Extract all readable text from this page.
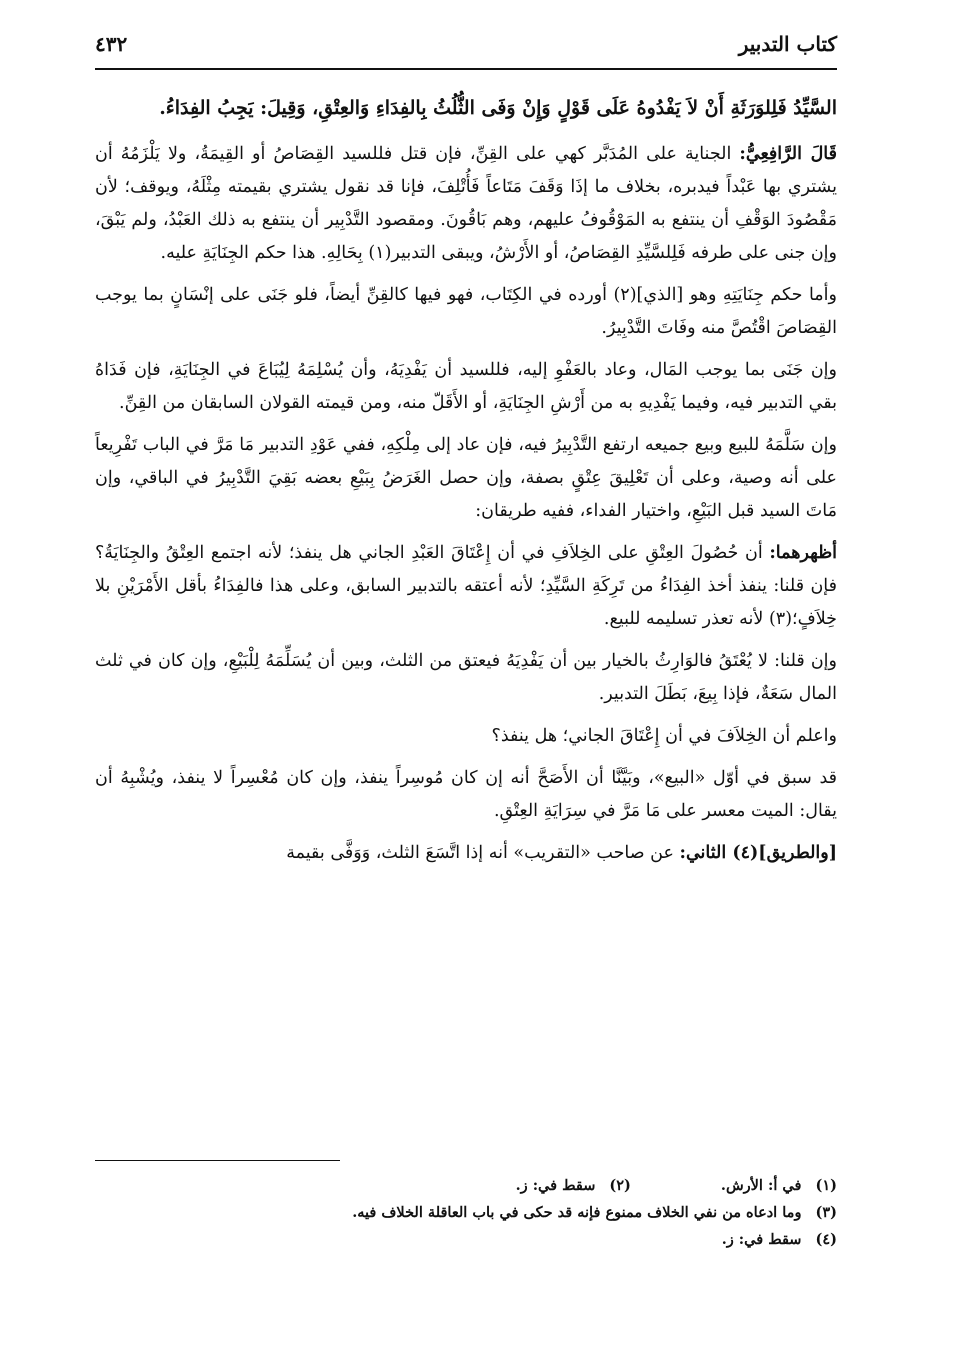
كتاب التدبير
٤٣٢

السَّيِّدُ فَلِلوَرَثَةِ أَنْ لاَ يَفْدُوهُ عَلَى قَوْلٍ وَإِنْ وَفَى الثُّلُثُ بِالفِدَاءِ وَالعِتْقِ، وَقِيلَ: يَجِبُ الفِدَاءُ.

قَالَ الرَّافِعِيُّ: الجناية على المُدَبَّر كهي على القِنِّ، فإن قتل فللسيد القِصَاصُ أو القِيمَةُ، ولا يَلْزَمُهُ أن يشتري بها عَبْداً فيدبره، بخلاف ما إذَا وَقَفَ مَتَاعاً فَأُتْلِفَ، فإنا قد نقول يشتري بقيمته مِثْلَهُ، ويوقف؛ لأن مَقْصُودَ الوَقْفِ أن ينتفع به المَوْقُوفُ عليهم، وهم بَاقُونَ. ومقصود التَّدْبِير أن ينتفع به ذلك العَبْدُ، ولم يَبْقَ، وإن جنى على طرفه فَلِلسَّيِّدِ القِصَاصُ، أو الأَرْشُ، ويبقى التدبير(١) بِحَالِهِ. هذا حكم الجِنَايَةِ عليه.

وأما حكم جِنَايَتِهِ وهو [الذي](٢) أورده في الكِتَاب، فهو فيها كالقِنِّ أيضاً، فلو جَنَى على إنْسَانٍ بما يوجب القِصَاصَ اقْتُصَّ منه وفَاتَ التَّدْبِيرُ.

وإن جَنَى بما يوجب المَال، وعاد بالعَفْوِ إليه، فللسيد أن يَفْدِيَهُ، وأن يُسْلِمَهُ لِيُبَاعَ في الجِنَايَةِ، فإن فَدَاهُ بقي التدبير فيه، وفيما يَفْدِيهِ به من أَرْشِ الجِنَايَةِ، أو الأَقَلّ منه، ومن قيمته القولان السابقان من القِنِّ.

وإن سَلَّمَهُ للبيع وبيع جميعه ارتفع التَّدْبِيرُ فيه، فإن عاد إلى مِلْكِهِ، ففي عَوْدِ التدبير مَا مَرَّ في الباب تَفْرِيعاً على أنه وصية، وعلى أن تَعْلِيقَ عِتْقٍ بصفة، وإن حصل الغَرَضُ بِبَيْعِ بعضه بَقِيَ التَّدْبِيرُ في الباقي، وإن مَاتَ السيد قبل البَيْعِ، واختيار الفداء، ففيه طريقان:

أظهرهما: أن حُصُولَ العِتْقِ على الخِلاَفِ في أن إِعْتَاقَ العَبْدِ الجاني هل ينفذ؛ لأنه اجتمع العِتْقُ والجِنَايَةُ؟ فإن قلنا: ينفذ أخذ الفِدَاءُ من تَرِكَةِ السَّيِّدِ؛ لأنه أعتقه بالتدبير السابق، وعلى هذا فالفِدَاءُ بأقل الأَمْرَيْنِ بلا خِلاَفٍ؛(٣) لأنه تعذر تسليمه للبيع.

وإن قلنا: لا يُعْتَقُ فالوَارِثُ بالخيار بين أن يَفْدِيَهُ فيعتق من الثلث، وبين أن يُسَلِّمَهُ لِلْبَيْعِ، وإن كان في ثلث المال سَعَةٌ، فإذا بِيعَ، بَطَلَ التدبير.

واعلم أن الخِلاَفَ في أن إِعْتَاقَ الجاني؛ هل ينفذ؟

قد سبق في أوّل «البيع»، وبَيَّنَّا أن الأَصَحَّ أنه إن كان مُوسِراً ينفذ، وإن كان مُعْسِراً لا ينفذ، ويُشْبِهُ أن يقال: الميت معسر على مَا مَرَّ في سِرَايَةِ العِتْقِ.

[والطريق](٤) الثاني: عن صاحب «التقريب» أنه إذا اتَّسَعَ الثلث، وَوَفَّى بقيمة

(١)في أ: الأرش.
(٢)سقط في: ز.
(٣)وما ادعاه من نفي الخلاف ممنوع فإنه قد حكى في باب العاقلة الخلاف فيه.
(٤)سقط في: ز.
